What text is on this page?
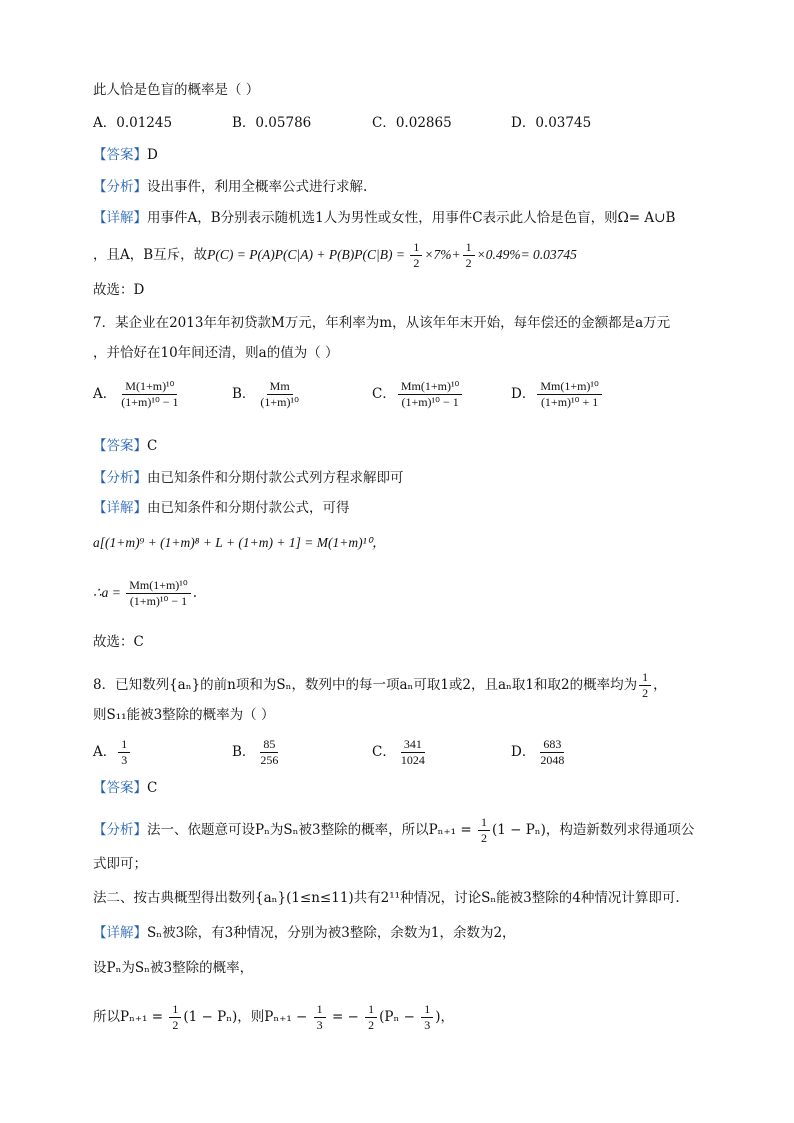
此人恰是色盲的概率是（ ）
A．0.01245	B．0.05786	C．0.02865	D．0.03745
【答案】D
【分析】设出事件，利用全概率公式进行求解.
【详解】用事件A，B分别表示随机选1人为男性或女性，用事件C表示此人恰是色盲，则Ω= A∪B
，且A，B互斥，故$P(C) = P(A)P(C|A) + P(B)P(C|B) = \frac{1}{2} \times 7\%+ \frac{1}{2} \times 0.49\%= 0.03745$
故选：D
7．某企业在2013年年初贷款M万元，年利率为m，从该年年末开始，每年偿还的金额都是a万元
，并恰好在10年间还清，则a的值为（ ）
A． $\frac{\text{M(1+m)¹⁰}}{\text{(1+m)¹⁰ − 1}}$	B． $\frac{Mm}{\text{(1+m)¹⁰}}$	C． $\frac{\text{Mm(1+m)¹⁰}}{\text{(1+m)¹⁰ − 1}}$	D． $\frac{\text{Mm(1+m)¹⁰}}{\text{(1+m)¹⁰ + 1}}$
【答案】C
【分析】由已知条件和分期付款公式列方程求解即可
【详解】由已知条件和分期付款公式，可得
a[(1+m)⁹ + (1+m)⁸ + L + (1+m) + 1] = M(1+m)¹⁰，
∴a = $\frac{\text{Mm(1+m)¹⁰}}{\text{(1+m)¹⁰ − 1}}$ .
故选：C
8．已知数列{aₙ}的前n项和为Sₙ，数列中的每一项aₙ可取1或2，且aₙ取1和取2的概率均为 $\frac{1}{2}$ ，
则S₁₁能被3整除的概率为（ ）
A． $\frac{1}{3}$	B． $\frac{85}{256}$	C． $\frac{341}{1024}$	D． $\frac{683}{2048}$
【答案】C
【分析】法一、依题意可设Pₙ为Sₙ被3整除的概率，所以$P_{n+1} = \frac{1}{2} (1 - P_n)$，构造新数列求得通项公
式即可；
法二、按古典概型得出数列{aₙ}(1≤n≤11)共有2¹¹种情况，讨论Sₙ能被3整除的4种情况计算即可.
【详解】Sₙ被3除，有3种情况，分别为被3整除，余数为1，余数为2，
设Pₙ为Sₙ被3整除的概率，
所以$P_{n+1} = \frac{1}{2} (1 - P_n)$，则$P_{n+1} - \frac{1}{3}$ = − $\frac{1}{2} (P_n - \frac{1}{3}$ )，
